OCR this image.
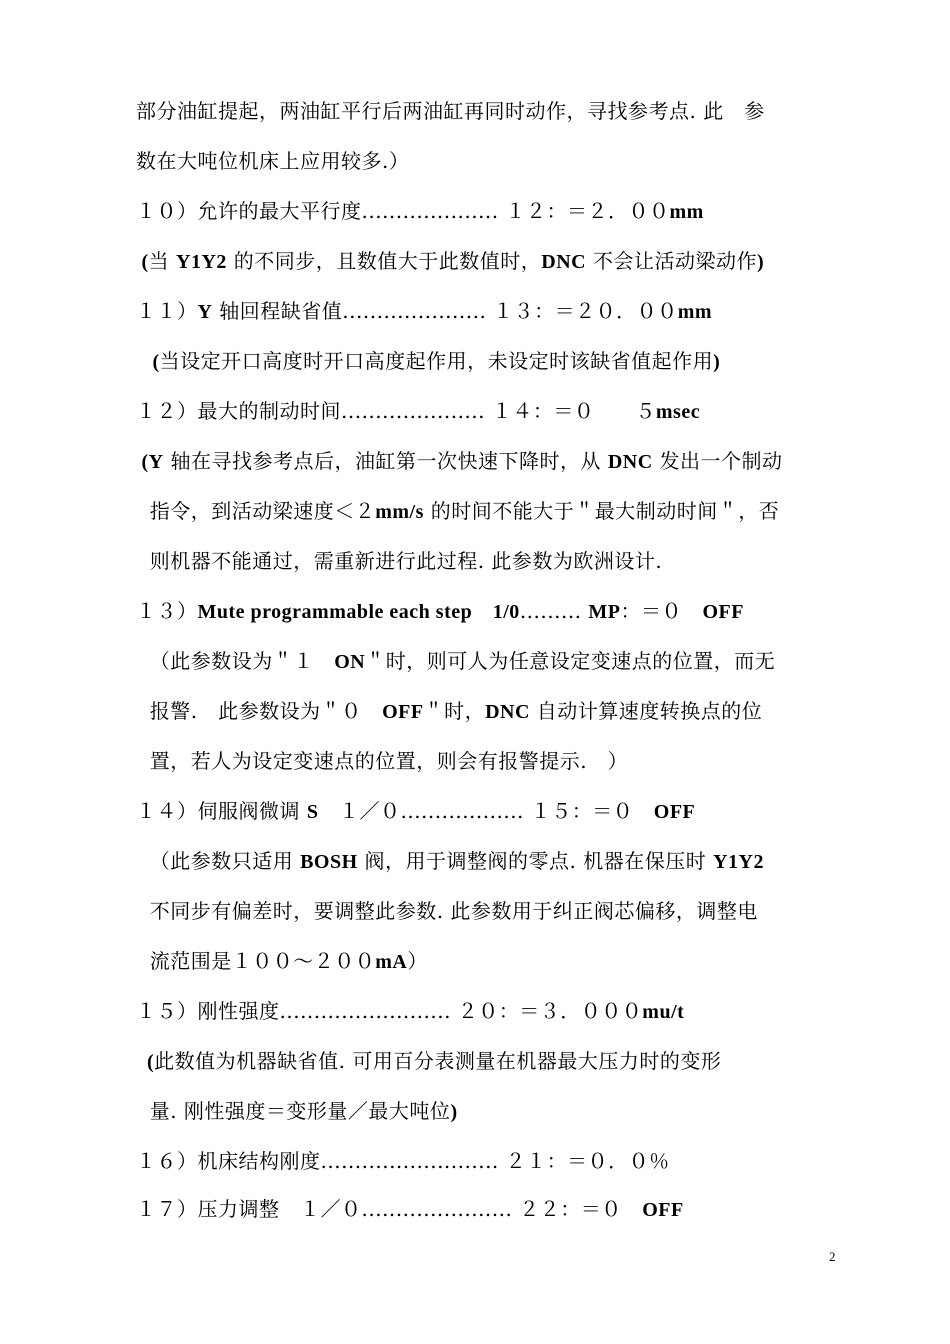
部分油缸提起，两油缸平行后两油缸再同时动作，寻找参考点. 此　参
数在大吨位机床上应用较多.）
１０）允许的最大平行度.................... １２：＝２．００mm
(当 Y1Y2 的不同步，且数值大于此数值时，DNC 不会让活动梁动作)
１１）Y 轴回程缺省值..................... １３：＝２０．００mm
(当设定开口高度时开口高度起作用，未设定时该缺省值起作用)
１２）最大的制动时间..................... １４：＝０　　５msec
(Y 轴在寻找参考点后，油缸第一次快速下降时，从 DNC 发出一个制动
指令，到活动梁速度＜２mm/s 的时间不能大于＂最大制动时间＂，否
则机器不能通过，需重新进行此过程. 此参数为欧洲设计.
１３）Mute programmable each step　1/0......... MP：＝０　OFF
（此参数设为＂１　ON＂时，则可人为任意设定变速点的位置，而无
报警.　此参数设为＂０　OFF＂时，DNC 自动计算速度转换点的位
置，若人为设定变速点的位置，则会有报警提示.　）
１４）伺服阀微调 S　１／０.................. １５：＝０　OFF
（此参数只适用 BOSH 阀，用于调整阀的零点. 机器在保压时 Y1Y2
不同步有偏差时，要调整此参数. 此参数用于纠正阀芯偏移，调整电
流范围是１００～２００mA）
１５）刚性强度......................... ２０：＝３．０００mu/t
(此数值为机器缺省值. 可用百分表测量在机器最大压力时的变形
量. 刚性强度＝变形量／最大吨位)
１６）机床结构刚度.......................... ２１：＝０．０％
１７）压力调整　１／０...................... ２２：＝０　OFF
2
